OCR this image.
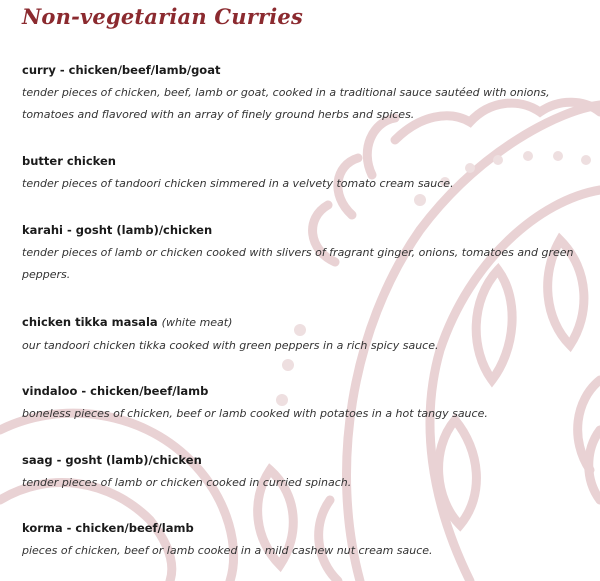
Non-vegetarian Curries
curry - chicken/beef/lamb/goat
tender pieces of chicken, beef, lamb or goat, cooked in a traditional sauce sautéed with onions, tomatoes and flavored with an array of finely ground herbs and spices.
butter chicken
tender pieces of tandoori chicken simmered in a velvety tomato cream sauce.
karahi - gosht (lamb)/chicken
tender pieces of lamb or chicken cooked with slivers of fragrant ginger, onions, tomatoes and green peppers.
chicken tikka masala (white meat)
our tandoori chicken tikka cooked with green peppers in a rich spicy sauce.
vindaloo - chicken/beef/lamb
boneless pieces of chicken, beef or lamb cooked with potatoes in a hot tangy sauce.
saag - gosht (lamb)/chicken
tender pieces of lamb or chicken cooked in curried spinach.
korma - chicken/beef/lamb
pieces of chicken, beef or lamb cooked in a mild cashew nut cream sauce.
